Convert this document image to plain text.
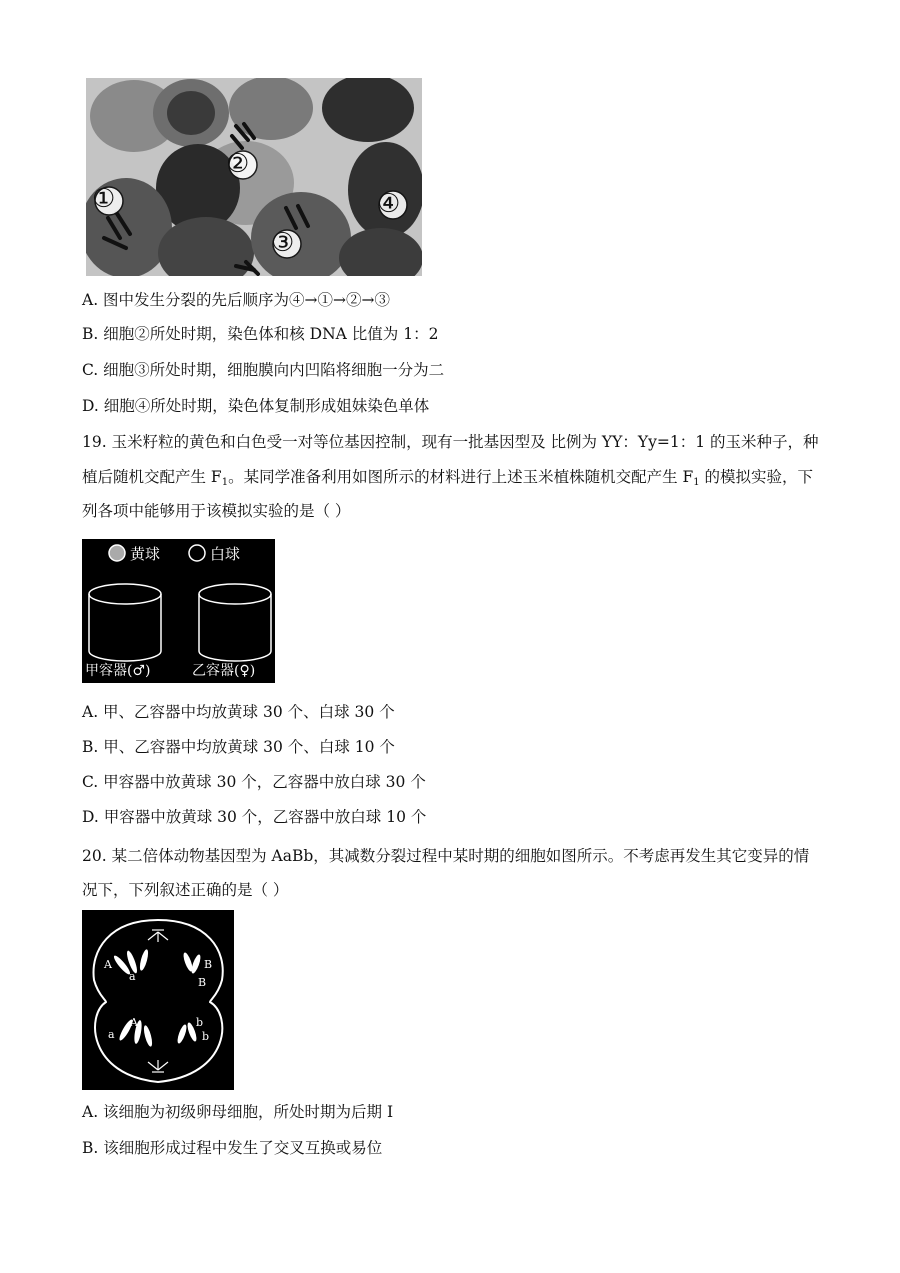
A. 图中发生分裂的先后顺序为④→①→②→③
B. 细胞②所处时期，染色体和核 DNA 比值为 1：2
C. 细胞③所处时期，细胞膜向内凹陷将细胞一分为二
D. 细胞④所处时期，染色体复制形成姐妹染色单体
19. 玉米籽粒的黄色和白色受一对等位基因控制，现有一批基因型及 比例为 YY：Yy=1：1 的玉米种子，种
植后随机交配产生 $F_1$。某同学准备利用如图所示的材料进行上述玉米植株随机交配产生 $F_1$ 的模拟实验，下
列各项中能够用于该模拟实验的是（ ）
黄球	白球
甲容器(♂)	乙容器(♀)
A. 甲、乙容器中均放黄球 30 个、白球 30 个
B. 甲、乙容器中均放黄球 30 个、白球 10 个
C. 甲容器中放黄球 30 个，乙容器中放白球 30 个
D. 甲容器中放黄球 30 个，乙容器中放白球 10 个
20. 某二倍体动物基因型为 AaBb，其减数分裂过程中某时期的细胞如图所示。不考虑再发生其它变异的情
况下，下列叙述正确的是（ ）
A
a
B
B
A
a
b
b
A. 该细胞为初级卵母细胞，所处时期为后期 Ⅰ
B. 该细胞形成过程中发生了交叉互换或易位
①
②
③
④
